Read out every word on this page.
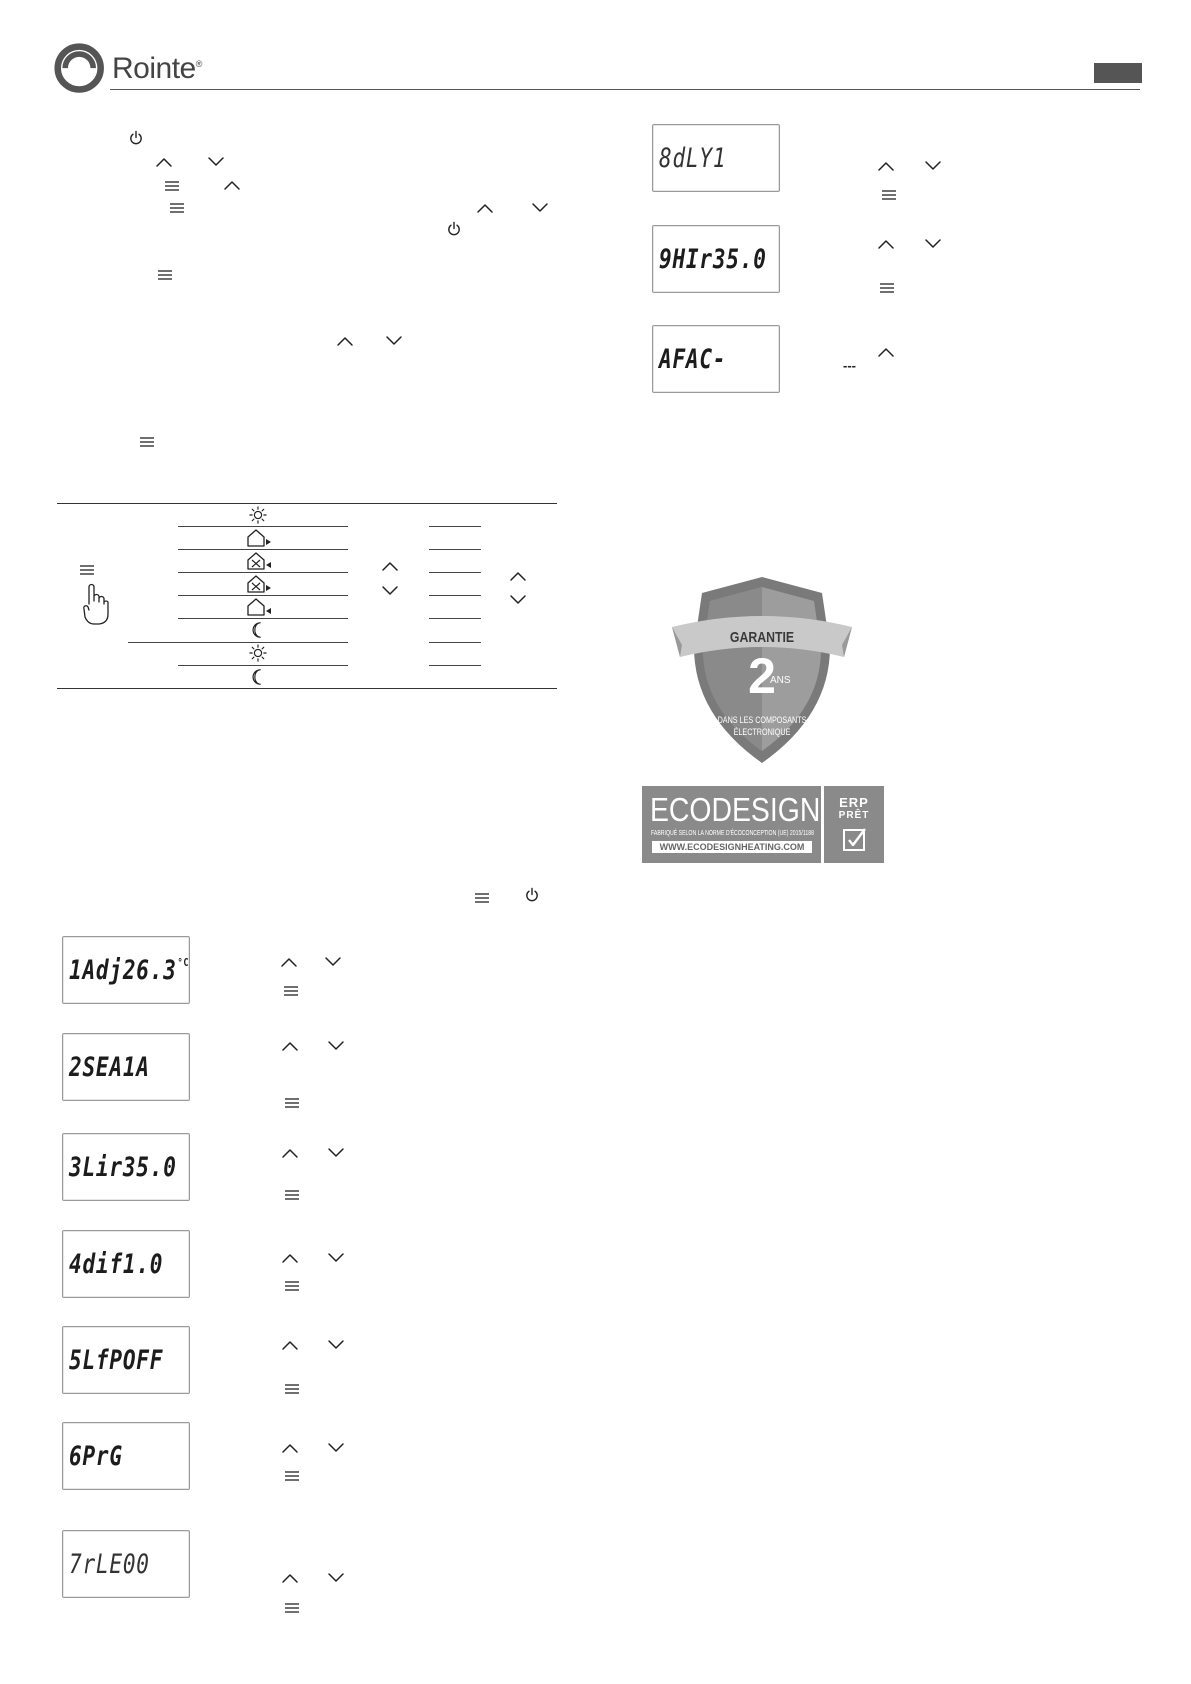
Rointe®
1Adj 26.3 °C
2SEA 1A
3Lir 35.0
4dif 1.0
5LfP OFF
6PrG
7rLE 00
8dLY 1
9HIr 35.0
AFAC -	---
GARANTIE
2
ANS
DANS LES COMPOSANTS
ÉLECTRONIQUE
ECODESIGN
FABRIQUÉ SELON LA NORME D'ÉCOCONCEPTION (UE) 2015/1188
WWW.ECODESIGNHEATING.COM
ERP
PRÊT
